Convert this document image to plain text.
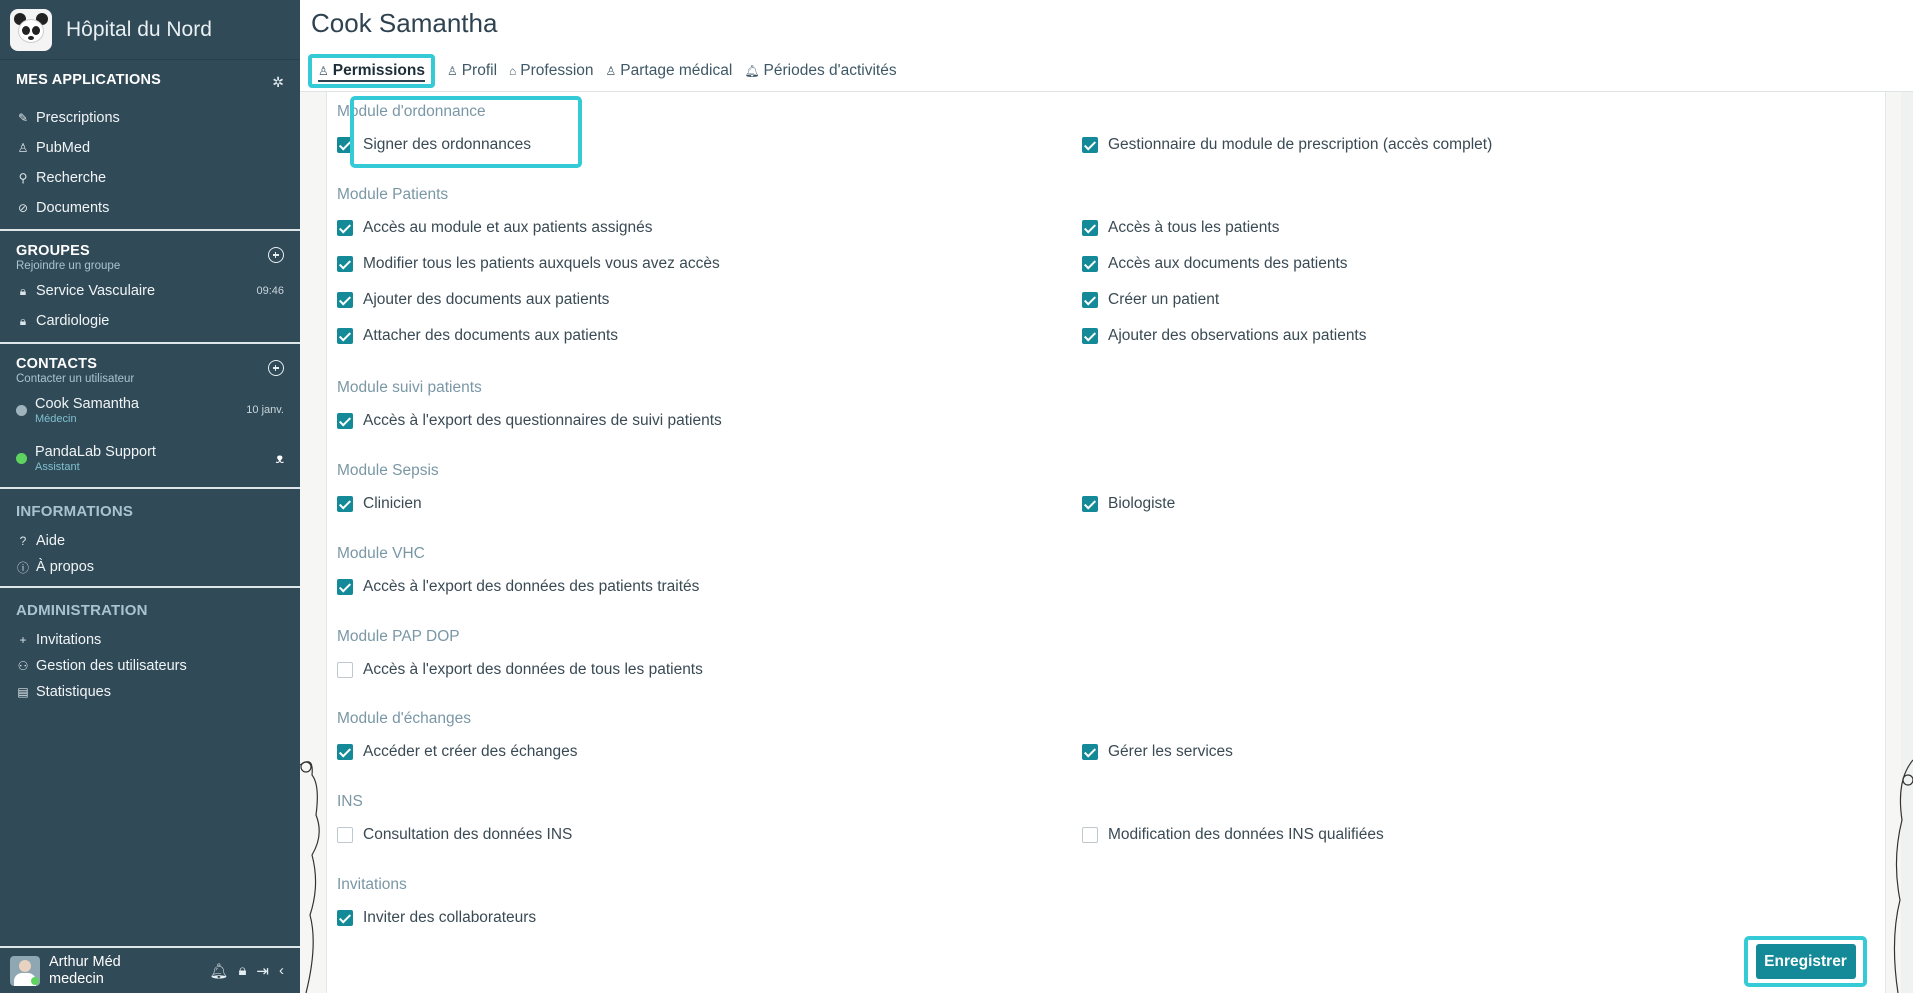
Hôpital du Nord
MES APPLICATIONS	✲
✎ Prescriptions
♙ PubMed
⚲ Recherche
⊘ Documents
GROUPES
Rejoindre un groupe
🔒︎ Service Vasculaire	09:46
🔒︎ Cardiologie
CONTACTS
Contacter un utilisateur
Cook Samantha
Médecin
10 janv.
PandaLab Support
Assistant
ᴥ
INFORMATIONS
? Aide
ⓘ À propos
ADMINISTRATION
+ Invitations
⚇ Gestion des utilisateurs
▤ Statistiques
Arthur Méd
medecin	🔔︎ 🔒︎ ⇥ ‹
Cook Samantha
♙ Permissions ♙ Profil ⌂ Profession ♙ Partage médical 🔔︎ Périodes d'activités
Module d'ordonnance
Signer des ordonnances	Gestionnaire du module de prescription (accès complet)
Module Patients
Accès au module et aux patients assignés	Accès à tous les patients
Modifier tous les patients auxquels vous avez accès	Accès aux documents des patients
Ajouter des documents aux patients	Créer un patient
Attacher des documents aux patients	Ajouter des observations aux patients
Module suivi patients
Accès à l'export des questionnaires de suivi patients
Module Sepsis
Clinicien	Biologiste
Module VHC
Accès à l'export des données des patients traités
Module PAP DOP
Accès à l'export des données de tous les patients
Module d'échanges
Accéder et créer des échanges	Gérer les services
INS
Consultation des données INS	Modification des données INS qualifiées
Invitations
Inviter des collaborateurs
Enregistrer
